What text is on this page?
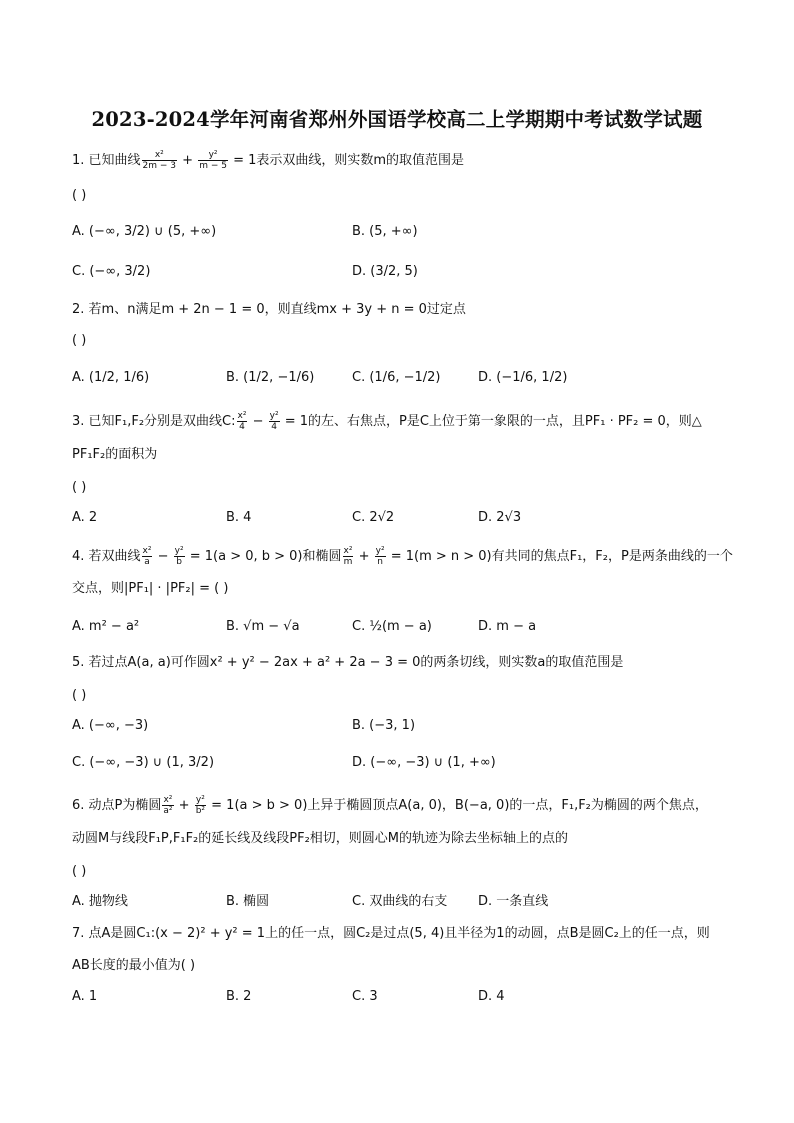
2023-2024学年河南省郑州外国语学校高二上学期期中考试数学试题
1. 已知曲线 $\frac{\text{x²}}{2m - 3} + \frac{\text{y²}}{m - 5} = 1$表示双曲线，则实数m的取值范围是
( )
A. (−∞, 3/2) ∪ (5, +∞)	B. (5, +∞)
C. (−∞, 3/2)	D. (3/2, 5)
2. 若m、n满足m + 2n − 1 = 0，则直线mx + 3y + n = 0过定点
( )
A. (1/2, 1/6)	B. (1/2, −1/6)	C. (1/6, −1/2)	D. (−1/6, 1/2)
3. 已知F₁,F₂分别是双曲线C: $\frac{\text{x²}}{4} - \frac{\text{y²}}{4} = 1$的左、右焦点，P是C上位于第一象限的一点，且PF₁ · PF₂ = 0，则△
PF₁F₂的面积为
( )
A. 2	B. 4	C. 2√2	D. 2√3
4. 若双曲线 $\frac{\text{x²}}{a} - \frac{\text{y²}}{b} = 1(a > 0$, b > 0)和椭圆 $\frac{\text{x²}}{m} + \frac{\text{y²}}{n} = 1(m > n > 0)$有共同的焦点F₁，F₂，P是两条曲线的一个
交点，则|PF₁| · |PF₂| = ( )
A. m² − a²	B. √m − √a	C. ½(m − a)	D. m − a
5. 若过点A(a, a)可作圆x² + y² − 2ax + a² + 2a − 3 = 0的两条切线，则实数a的取值范围是
( )
A. (−∞, −3)	B. (−3, 1)
C. (−∞, −3) ∪ (1, 3/2)	D. (−∞, −3) ∪ (1, +∞)
6. 动点P为椭圆 $\frac{\text{x²}}{\text{a²}} + \frac{\text{y²}}{\text{b²}} = 1(a > b > 0)$上异于椭圆顶点A(a, 0)，B(−a, 0)的一点，F₁,F₂为椭圆的两个焦点，
动圆M与线段F₁P,F₁F₂的延长线及线段PF₂相切，则圆心M的轨迹为除去坐标轴上的点的
( )
A. 抛物线	B. 椭圆	C. 双曲线的右支 D. 一条直线
7. 点A是圆C₁:(x − 2)² + y² = 1上的任一点，圆C₂是过点(5, 4)且半径为1的动圆，点B是圆C₂上的任一点，则
AB长度的最小值为( )
A. 1	B. 2	C. 3	D. 4
